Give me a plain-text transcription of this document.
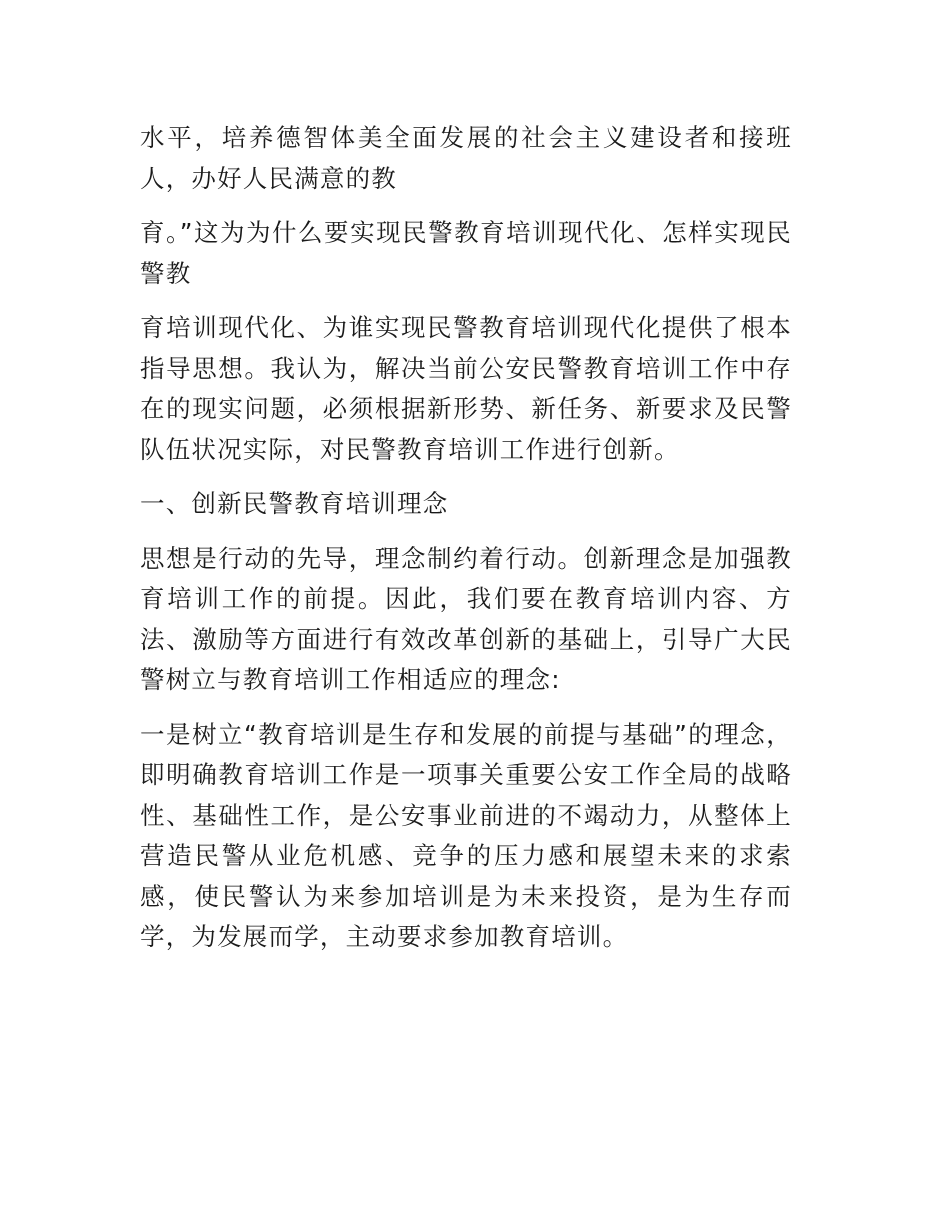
水平，培养德智体美全面发展的社会主义建设者和接班人，办好人民满意的教

育。”这为为什么要实现民警教育培训现代化、怎样实现民警教

育培训现代化、为谁实现民警教育培训现代化提供了根本指导思想。我认为，解决当前公安民警教育培训工作中存在的现实问题，必须根据新形势、新任务、新要求及民警队伍状况实际，对民警教育培训工作进行创新。

一、创新民警教育培训理念

思想是行动的先导，理念制约着行动。创新理念是加强教育培训工作的前提。因此，我们要在教育培训内容、方法、激励等方面进行有效改革创新的基础上，引导广大民警树立与教育培训工作相适应的理念:

一是树立“教育培训是生存和发展的前提与基础”的理念，即明确教育培训工作是一项事关重要公安工作全局的战略性、基础性工作，是公安事业前进的不竭动力，从整体上营造民警从业危机感、竞争的压力感和展望未来的求索感，使民警认为来参加培训是为未来投资，是为生存而学，为发展而学，主动要求参加教育培训。
